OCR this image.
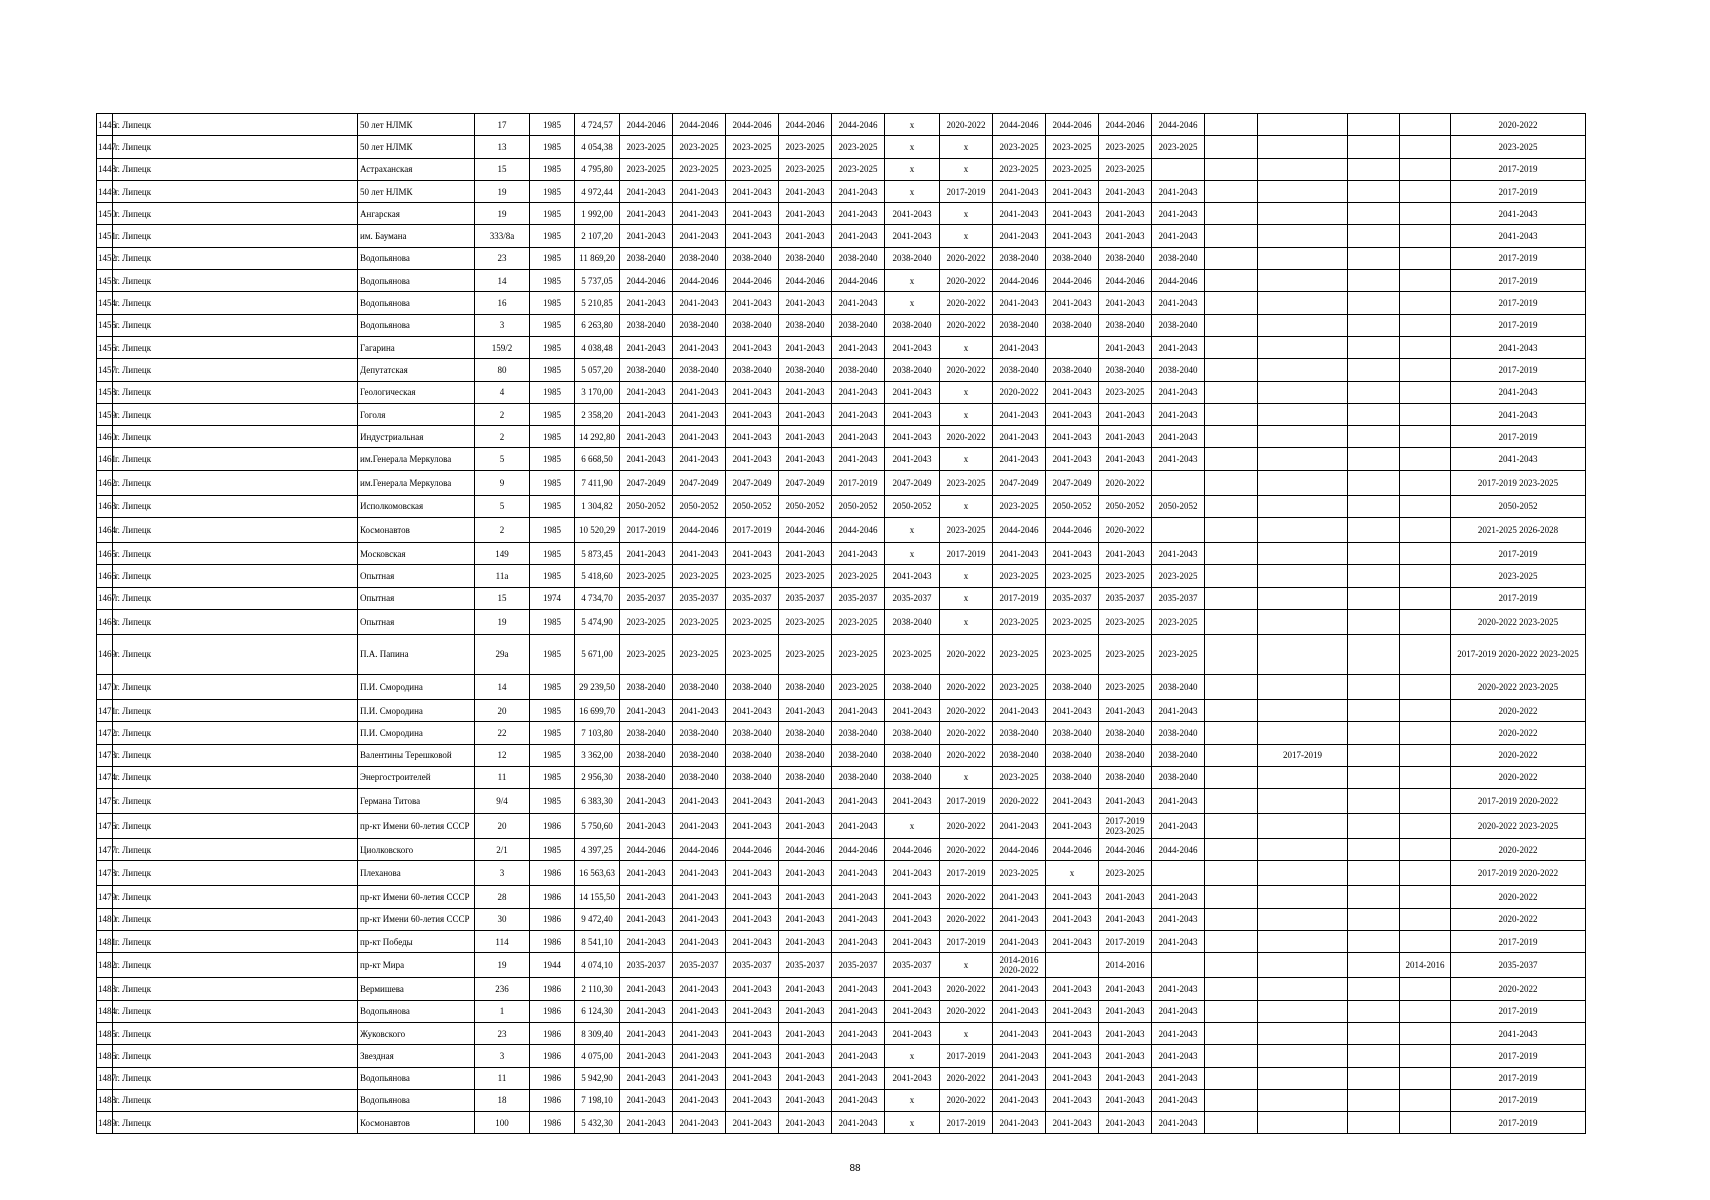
1446	г. Липецк	50 лет НЛМК	17	1985	4 724,57	2044-2046	2044-2046	2044-2046	2044-2046	2044-2046	х	2020-2022	2044-2046	2044-2046	2044-2046	2044-2046					2020-2022
1447	г. Липецк	50 лет НЛМК	13	1985	4 054,38	2023-2025	2023-2025	2023-2025	2023-2025	2023-2025	х	х	2023-2025	2023-2025	2023-2025	2023-2025					2023-2025
1448	г. Липецк	Астраханская	15	1985	4 795,80	2023-2025	2023-2025	2023-2025	2023-2025	2023-2025	х	х	2023-2025	2023-2025	2023-2025						2017-2019
1449	г. Липецк	50 лет НЛМК	19	1985	4 972,44	2041-2043	2041-2043	2041-2043	2041-2043	2041-2043	х	2017-2019	2041-2043	2041-2043	2041-2043	2041-2043					2017-2019
1450	г. Липецк	Ангарская	19	1985	1 992,00	2041-2043	2041-2043	2041-2043	2041-2043	2041-2043	2041-2043	х	2041-2043	2041-2043	2041-2043	2041-2043					2041-2043
1451	г. Липецк	им. Баумана	333/8а	1985	2 107,20	2041-2043	2041-2043	2041-2043	2041-2043	2041-2043	2041-2043	х	2041-2043	2041-2043	2041-2043	2041-2043					2041-2043
1452	г. Липецк	Водопьянова	23	1985	11 869,20	2038-2040	2038-2040	2038-2040	2038-2040	2038-2040	2038-2040	2020-2022	2038-2040	2038-2040	2038-2040	2038-2040					2017-2019
1453	г. Липецк	Водопьянова	14	1985	5 737,05	2044-2046	2044-2046	2044-2046	2044-2046	2044-2046	х	2020-2022	2044-2046	2044-2046	2044-2046	2044-2046					2017-2019
1454	г. Липецк	Водопьянова	16	1985	5 210,85	2041-2043	2041-2043	2041-2043	2041-2043	2041-2043	х	2020-2022	2041-2043	2041-2043	2041-2043	2041-2043					2017-2019
1455	г. Липецк	Водопьянова	3	1985	6 263,80	2038-2040	2038-2040	2038-2040	2038-2040	2038-2040	2038-2040	2020-2022	2038-2040	2038-2040	2038-2040	2038-2040					2017-2019
1456	г. Липецк	Гагарина	159/2	1985	4 038,48	2041-2043	2041-2043	2041-2043	2041-2043	2041-2043	2041-2043	х	2041-2043		2041-2043	2041-2043					2041-2043
1457	г. Липецк	Депутатская	80	1985	5 057,20	2038-2040	2038-2040	2038-2040	2038-2040	2038-2040	2038-2040	2020-2022	2038-2040	2038-2040	2038-2040	2038-2040					2017-2019
1458	г. Липецк	Геологическая	4	1985	3 170,00	2041-2043	2041-2043	2041-2043	2041-2043	2041-2043	2041-2043	х	2020-2022	2041-2043	2023-2025	2041-2043					2041-2043
1459	г. Липецк	Гоголя	2	1985	2 358,20	2041-2043	2041-2043	2041-2043	2041-2043	2041-2043	2041-2043	х	2041-2043	2041-2043	2041-2043	2041-2043					2041-2043
1460	г. Липецк	Индустриальная	2	1985	14 292,80	2041-2043	2041-2043	2041-2043	2041-2043	2041-2043	2041-2043	2020-2022	2041-2043	2041-2043	2041-2043	2041-2043					2017-2019
1461	г. Липецк	им.Генерала Меркулова	5	1985	6 668,50	2041-2043	2041-2043	2041-2043	2041-2043	2041-2043	2041-2043	х	2041-2043	2041-2043	2041-2043	2041-2043					2041-2043
1462	г. Липецк	им.Генерала Меркулова	9	1985	7 411,90	2047-2049	2047-2049	2047-2049	2047-2049	2017-2019	2047-2049	2023-2025	2047-2049	2047-2049	2020-2022						2017-2019 2023-2025
1463	г. Липецк	Исполкомовская	5	1985	1 304,82	2050-2052	2050-2052	2050-2052	2050-2052	2050-2052	2050-2052	х	2023-2025	2050-2052	2050-2052	2050-2052					2050-2052
1464	г. Липецк	Космонавтов	2	1985	10 520,29	2017-2019	2044-2046	2017-2019	2044-2046	2044-2046	х	2023-2025	2044-2046	2044-2046	2020-2022						2021-2025 2026-2028
1465	г. Липецк	Московская	149	1985	5 873,45	2041-2043	2041-2043	2041-2043	2041-2043	2041-2043	х	2017-2019	2041-2043	2041-2043	2041-2043	2041-2043					2017-2019
1466	г. Липецк	Опытная	11а	1985	5 418,60	2023-2025	2023-2025	2023-2025	2023-2025	2023-2025	2041-2043	х	2023-2025	2023-2025	2023-2025	2023-2025					2023-2025
1467	г. Липецк	Опытная	15	1974	4 734,70	2035-2037	2035-2037	2035-2037	2035-2037	2035-2037	2035-2037	х	2017-2019	2035-2037	2035-2037	2035-2037					2017-2019
1468	г. Липецк	Опытная	19	1985	5 474,90	2023-2025	2023-2025	2023-2025	2023-2025	2023-2025	2038-2040	х	2023-2025	2023-2025	2023-2025	2023-2025					2020-2022 2023-2025
1469	г. Липецк	П.А. Папина	29а	1985	5 671,00	2023-2025	2023-2025	2023-2025	2023-2025	2023-2025	2023-2025	2020-2022	2023-2025	2023-2025	2023-2025	2023-2025					2017-2019 2020-2022 2023-2025
1470	г. Липецк	П.И. Смородина	14	1985	29 239,50	2038-2040	2038-2040	2038-2040	2038-2040	2023-2025	2038-2040	2020-2022	2023-2025	2038-2040	2023-2025	2038-2040					2020-2022 2023-2025
1471	г. Липецк	П.И. Смородина	20	1985	16 699,70	2041-2043	2041-2043	2041-2043	2041-2043	2041-2043	2041-2043	2020-2022	2041-2043	2041-2043	2041-2043	2041-2043					2020-2022
1472	г. Липецк	П.И. Смородина	22	1985	7 103,80	2038-2040	2038-2040	2038-2040	2038-2040	2038-2040	2038-2040	2020-2022	2038-2040	2038-2040	2038-2040	2038-2040					2020-2022
1473	г. Липецк	Валентины Терешковой	12	1985	3 362,00	2038-2040	2038-2040	2038-2040	2038-2040	2038-2040	2038-2040	2020-2022	2038-2040	2038-2040	2038-2040	2038-2040		2017-2019			2020-2022
1474	г. Липецк	Энергостроителей	11	1985	2 956,30	2038-2040	2038-2040	2038-2040	2038-2040	2038-2040	2038-2040	х	2023-2025	2038-2040	2038-2040	2038-2040					2020-2022
1475	г. Липецк	Германа Титова	9/4	1985	6 383,30	2041-2043	2041-2043	2041-2043	2041-2043	2041-2043	2041-2043	2017-2019	2020-2022	2041-2043	2041-2043	2041-2043					2017-2019 2020-2022
1476	г. Липецк	пр-кт Имени 60-летия СССР	20	1986	5 750,60	2041-2043	2041-2043	2041-2043	2041-2043	2041-2043	х	2020-2022	2041-2043	2041-2043	2017-2019 2023-2025	2041-2043					2020-2022 2023-2025
1477	г. Липецк	Циолковского	2/1	1985	4 397,25	2044-2046	2044-2046	2044-2046	2044-2046	2044-2046	2044-2046	2020-2022	2044-2046	2044-2046	2044-2046	2044-2046					2020-2022
1478	г. Липецк	Плеханова	3	1986	16 563,63	2041-2043	2041-2043	2041-2043	2041-2043	2041-2043	2041-2043	2017-2019	2023-2025	х	2023-2025						2017-2019 2020-2022
1479	г. Липецк	пр-кт Имени 60-летия СССР	28	1986	14 155,50	2041-2043	2041-2043	2041-2043	2041-2043	2041-2043	2041-2043	2020-2022	2041-2043	2041-2043	2041-2043	2041-2043					2020-2022
1480	г. Липецк	пр-кт Имени 60-летия СССР	30	1986	9 472,40	2041-2043	2041-2043	2041-2043	2041-2043	2041-2043	2041-2043	2020-2022	2041-2043	2041-2043	2041-2043	2041-2043					2020-2022
1481	г. Липецк	пр-кт Победы	114	1986	8 541,10	2041-2043	2041-2043	2041-2043	2041-2043	2041-2043	2041-2043	2017-2019	2041-2043	2041-2043	2017-2019	2041-2043					2017-2019
1482	г. Липецк	пр-кт Мира	19	1944	4 074,10	2035-2037	2035-2037	2035-2037	2035-2037	2035-2037	2035-2037	х	2014-2016 2020-2022		2014-2016					2014-2016	2035-2037
1483	г. Липецк	Вермишева	236	1986	2 110,30	2041-2043	2041-2043	2041-2043	2041-2043	2041-2043	2041-2043	2020-2022	2041-2043	2041-2043	2041-2043	2041-2043					2020-2022
1484	г. Липецк	Водопьянова	1	1986	6 124,30	2041-2043	2041-2043	2041-2043	2041-2043	2041-2043	2041-2043	2020-2022	2041-2043	2041-2043	2041-2043	2041-2043					2017-2019
1485	г. Липецк	Жуковского	23	1986	8 309,40	2041-2043	2041-2043	2041-2043	2041-2043	2041-2043	2041-2043	х	2041-2043	2041-2043	2041-2043	2041-2043					2041-2043
1486	г. Липецк	Звездная	3	1986	4 075,00	2041-2043	2041-2043	2041-2043	2041-2043	2041-2043	х	2017-2019	2041-2043	2041-2043	2041-2043	2041-2043					2017-2019
1487	г. Липецк	Водопьянова	11	1986	5 942,90	2041-2043	2041-2043	2041-2043	2041-2043	2041-2043	2041-2043	2020-2022	2041-2043	2041-2043	2041-2043	2041-2043					2017-2019
1488	г. Липецк	Водопьянова	18	1986	7 198,10	2041-2043	2041-2043	2041-2043	2041-2043	2041-2043	х	2020-2022	2041-2043	2041-2043	2041-2043	2041-2043					2017-2019
1489	г. Липецк	Космонавтов	100	1986	5 432,30	2041-2043	2041-2043	2041-2043	2041-2043	2041-2043	х	2017-2019	2041-2043	2041-2043	2041-2043	2041-2043					2017-2019
88
